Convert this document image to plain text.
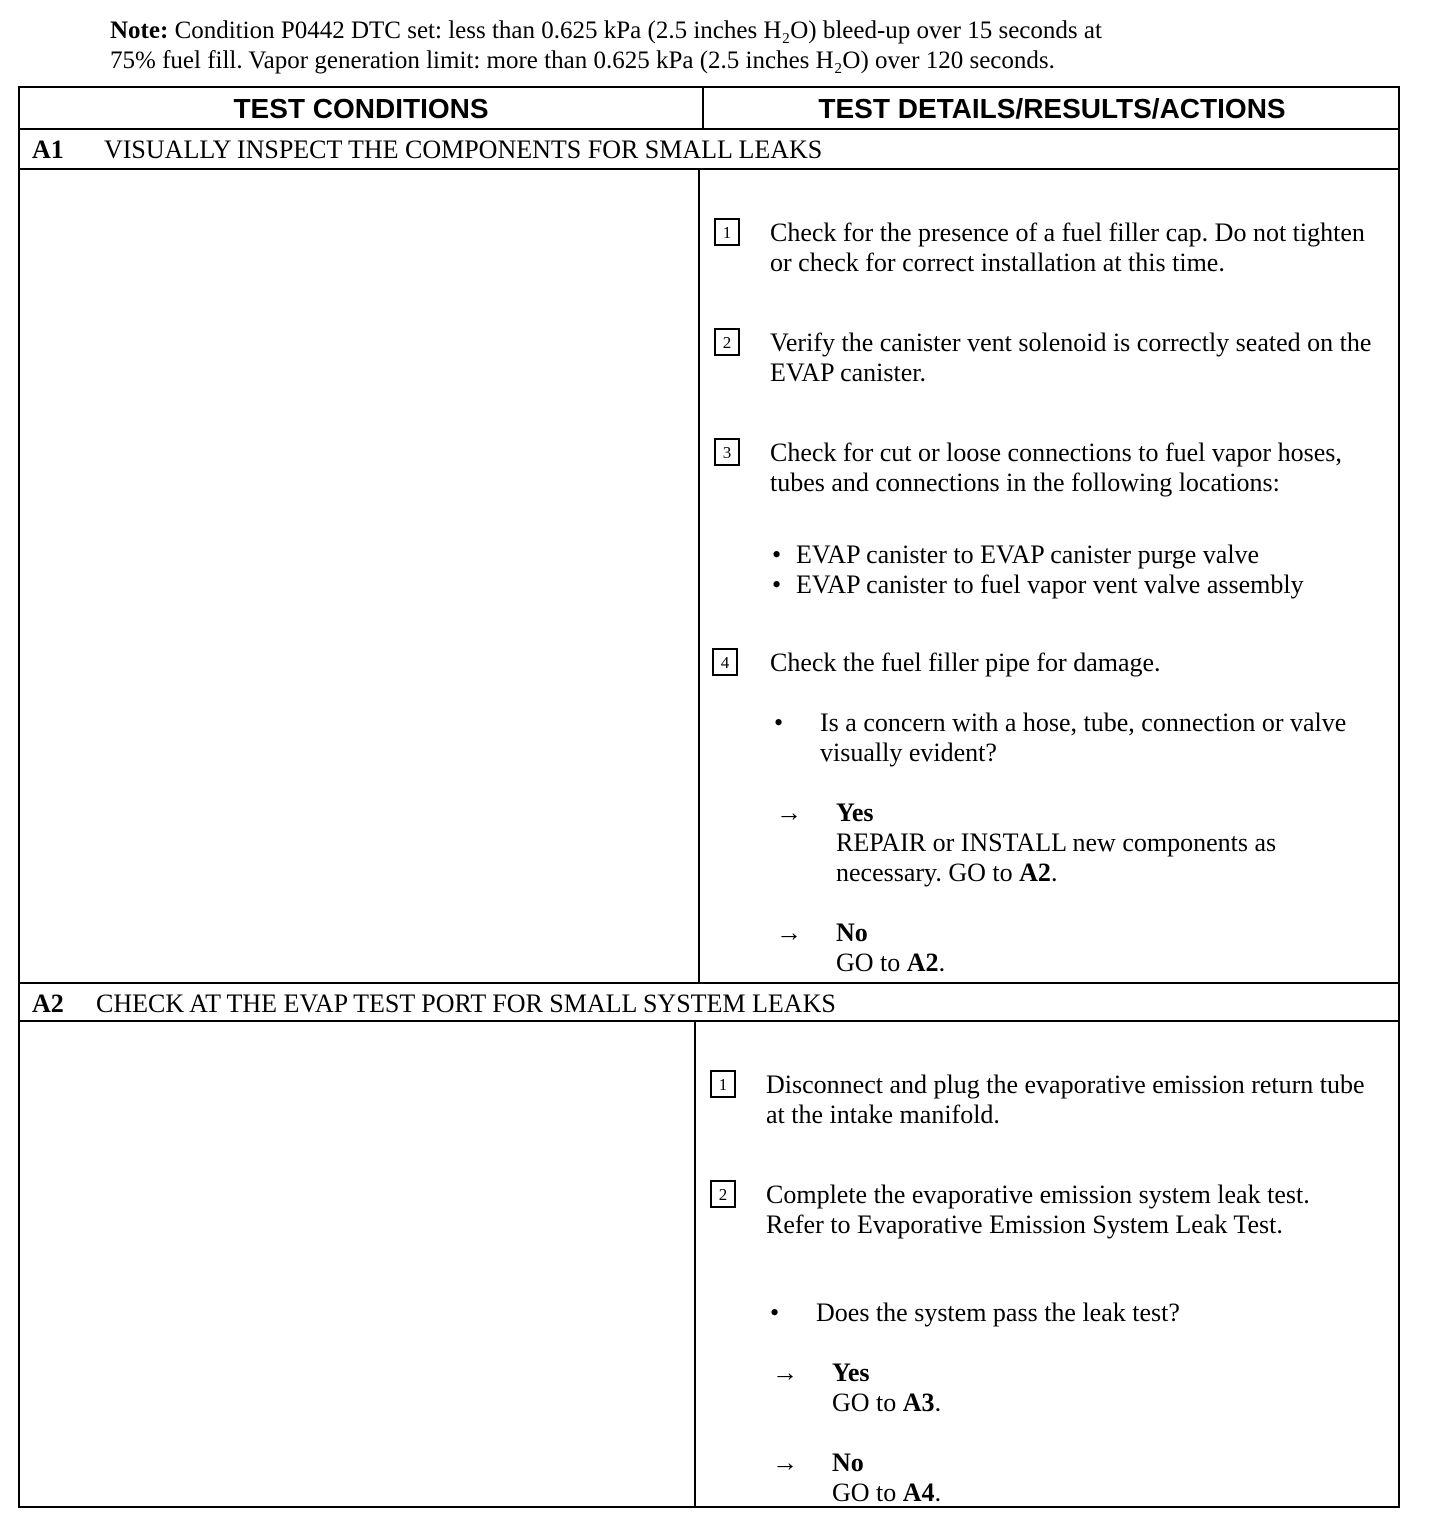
Note: Condition P0442 DTC set: less than 0.625 kPa (2.5 inches H₂O) bleed-up over 15 seconds at
75% fuel fill. Vapor generation limit: more than 0.625 kPa (2.5 inches H₂O) over 120 seconds.
TEST CONDITIONS	TEST DETAILS/RESULTS/ACTIONS
A1 VISUALLY INSPECT THE COMPONENTS FOR SMALL LEAKS
1	Check for the presence of a fuel filler cap. Do not tighten or check for correct installation at this time.
2	Verify the canister vent solenoid is correctly seated on the EVAP canister.
3	Check for cut or loose connections to fuel vapor hoses, tubes and connections in the following locations:
• EVAP canister to EVAP canister purge valve
• EVAP canister to fuel vapor vent valve assembly
4	Check the fuel filler pipe for damage.
• Is a concern with a hose, tube, connection or valve visually evident?
→ Yes
REPAIR or INSTALL new components as necessary. GO to A2.
→ No
GO to A2.
A2 CHECK AT THE EVAP TEST PORT FOR SMALL SYSTEM LEAKS
1	Disconnect and plug the evaporative emission return tube at the intake manifold.
2	Complete the evaporative emission system leak test. Refer to Evaporative Emission System Leak Test.
• Does the system pass the leak test?
→ Yes
GO to A3.
→ No
GO to A4.
